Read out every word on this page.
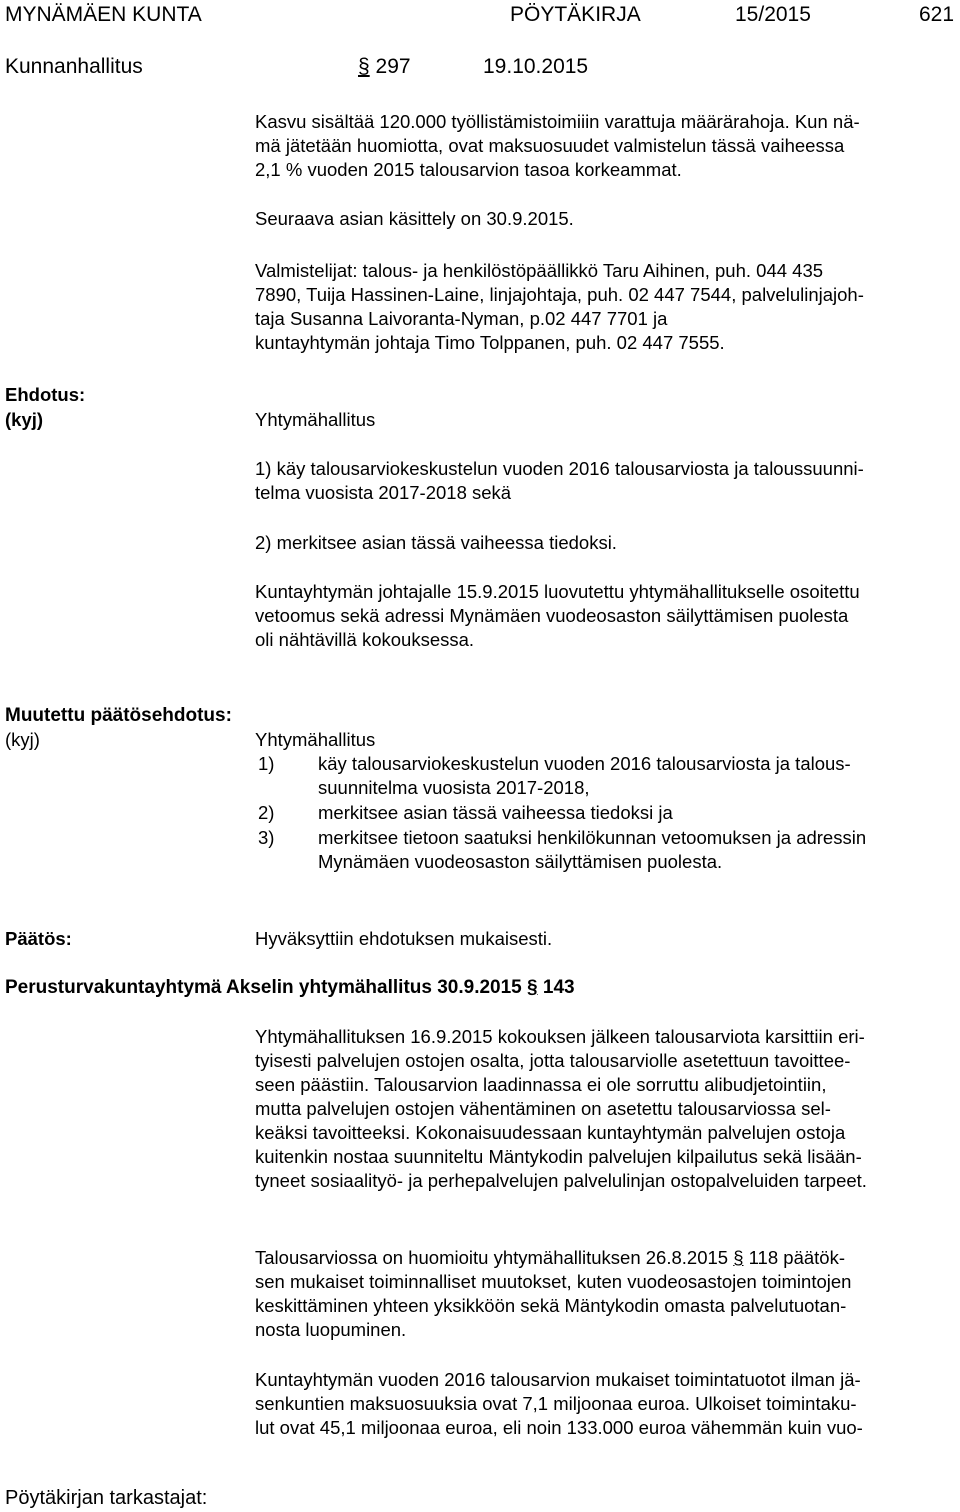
MYNÄMÄEN KUNTA	PÖYTÄKIRJA	15/2015	621
Kunnanhallitus	§ 297	19.10.2015
Kasvu sisältää 120.000 työllistämistoimiiin varattuja määrärahoja. Kun nä-
mä jätetään huomiotta, ovat maksuosuudet valmistelun tässä vaiheessa
2,1 % vuoden 2015 talousarvion tasoa korkeammat.
Seuraava asian käsittely on 30.9.2015.
Valmistelijat: talous- ja henkilöstöpäällikkö Taru Aihinen, puh. 044 435
7890, Tuija Hassinen-Laine, linjajohtaja, puh. 02 447 7544, palvelulinjajoh-
taja Susanna Laivoranta-Nyman, p.02 447 7701 ja
kuntayhtymän johtaja Timo Tolppanen, puh. 02 447 7555.
Ehdotus:
(kyj)	Yhtymähallitus
1) käy talousarviokeskustelun vuoden 2016 talousarviosta ja taloussuunni-
telma vuosista 2017-2018 sekä
2) merkitsee asian tässä vaiheessa tiedoksi.
Kuntayhtymän johtajalle 15.9.2015 luovutettu yhtymähallitukselle osoitettu
vetoomus sekä adressi Mynämäen vuodeosaston säilyttämisen puolesta
oli nähtävillä kokouksessa.
Muutettu päätösehdotus:
(kyj)	Yhtymähallitus
1) käy talousarviokeskustelun vuoden 2016 talousarviosta ja talous-
suunnitelma vuosista 2017-2018,
2) merkitsee asian tässä vaiheessa tiedoksi ja
3) merkitsee tietoon saatuksi henkilökunnan vetoomuksen ja adressin
Mynämäen vuodeosaston säilyttämisen puolesta.
Päätös:	Hyväksyttiin ehdotuksen mukaisesti.
Perusturvakuntayhtymä Akselin yhtymähallitus 30.9.2015 § 143
Yhtymähallituksen 16.9.2015 kokouksen jälkeen talousarviota karsittiin eri-
tyisesti palvelujen ostojen osalta, jotta talousarviolle asetettuun tavoittee-
seen päästiin. Talousarvion laadinnassa ei ole sorruttu alibudjetointiin,
mutta palvelujen ostojen vähentäminen on asetettu talousarviossa sel-
keäksi tavoitteeksi. Kokonaisuudessaan kuntayhtymän palvelujen ostoja
kuitenkin nostaa suunniteltu Mäntykodin palvelujen kilpailutus sekä lisään-
tyneet sosiaalityö- ja perhepalvelujen palvelulinjan ostopalveluiden tarpeet.
Talousarviossa on huomioitu yhtymähallituksen 26.8.2015 § 118 päätök-
sen mukaiset toiminnalliset muutokset, kuten vuodeosastojen toimintojen
keskittäminen yhteen yksikköön sekä Mäntykodin omasta palvelutuotan-
nosta luopuminen.
Kuntayhtymän vuoden 2016 talousarvion mukaiset toimintatuotot ilman jä-
senkuntien maksuosuuksia ovat 7,1 miljoonaa euroa. Ulkoiset toimintaku-
lut ovat 45,1 miljoonaa euroa, eli noin 133.000 euroa vähemmän kuin vuo-
Pöytäkirjan tarkastajat:
